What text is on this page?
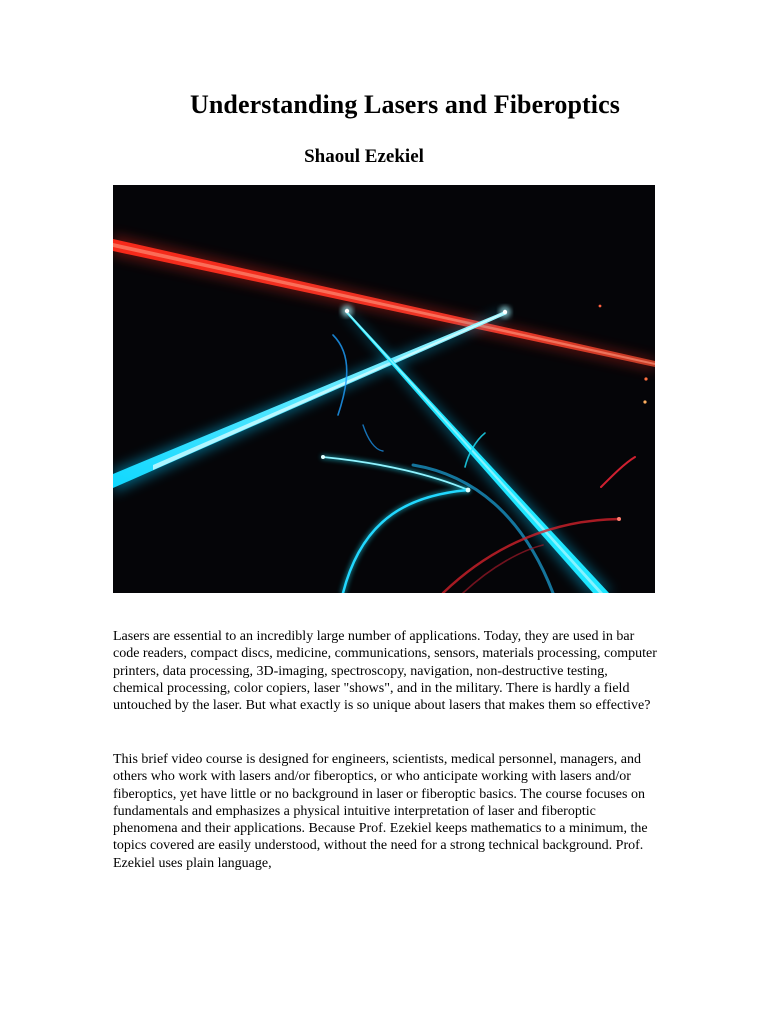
Understanding Lasers and Fiberoptics
Shaoul Ezekiel

Lasers are essential to an incredibly large number of applications. Today, they are used in bar code readers, compact discs, medicine, communications, sensors, materials processing, computer printers, data processing, 3D-imaging, spectroscopy, navigation, non-destructive testing, chemical processing, color copiers, laser "shows", and in the military. There is hardly a field untouched by the laser. But what exactly is so unique about lasers that makes them so effective?

This brief video course is designed for engineers, scientists, medical personnel, managers, and others who work with lasers and/or fiberoptics, or who anticipate working with lasers and/or fiberoptics, yet have little or no background in laser or fiberoptic basics. The course focuses on fundamentals and emphasizes a physical intuitive interpretation of laser and fiberoptic phenomena and their applications. Because Prof. Ezekiel keeps mathematics to a minimum, the topics covered are easily understood, without the need for a strong technical background. Prof. Ezekiel uses plain language,
